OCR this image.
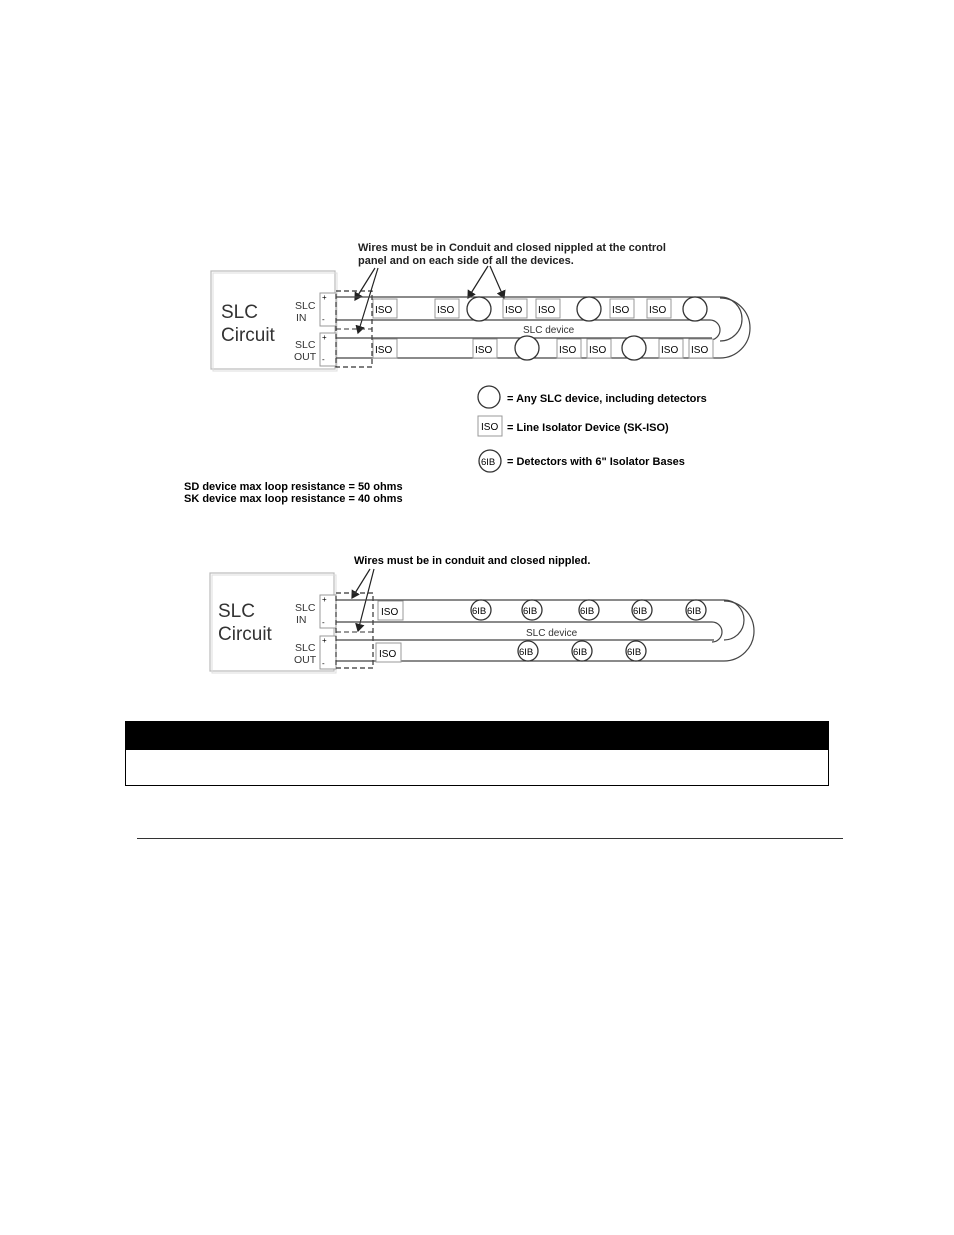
Wires must be in Conduit and closed nippled at the control
panel and on each side of all the devices.
SLC
Circuit
SLC
IN
SLC
OUT
+
-
+
-
SLC device
ISO	ISO	ISO ISO	ISO ISO
ISO	ISO	ISO ISO	ISO ISO
= Any SLC device, including detectors
ISO = Line Isolator Device (SK-ISO)
6IB = Detectors with 6" Isolator Bases
SD device max loop resistance = 50 ohms
SK device max loop resistance = 40 ohms
Wires must be in conduit and closed nippled.
SLC
Circuit
SLC
IN
SLC
OUT
+
-
+
-
SLC device
ISO
ISO
6IB	6IB	6IB	6IB	6IB
6IB	6IB	6IB
